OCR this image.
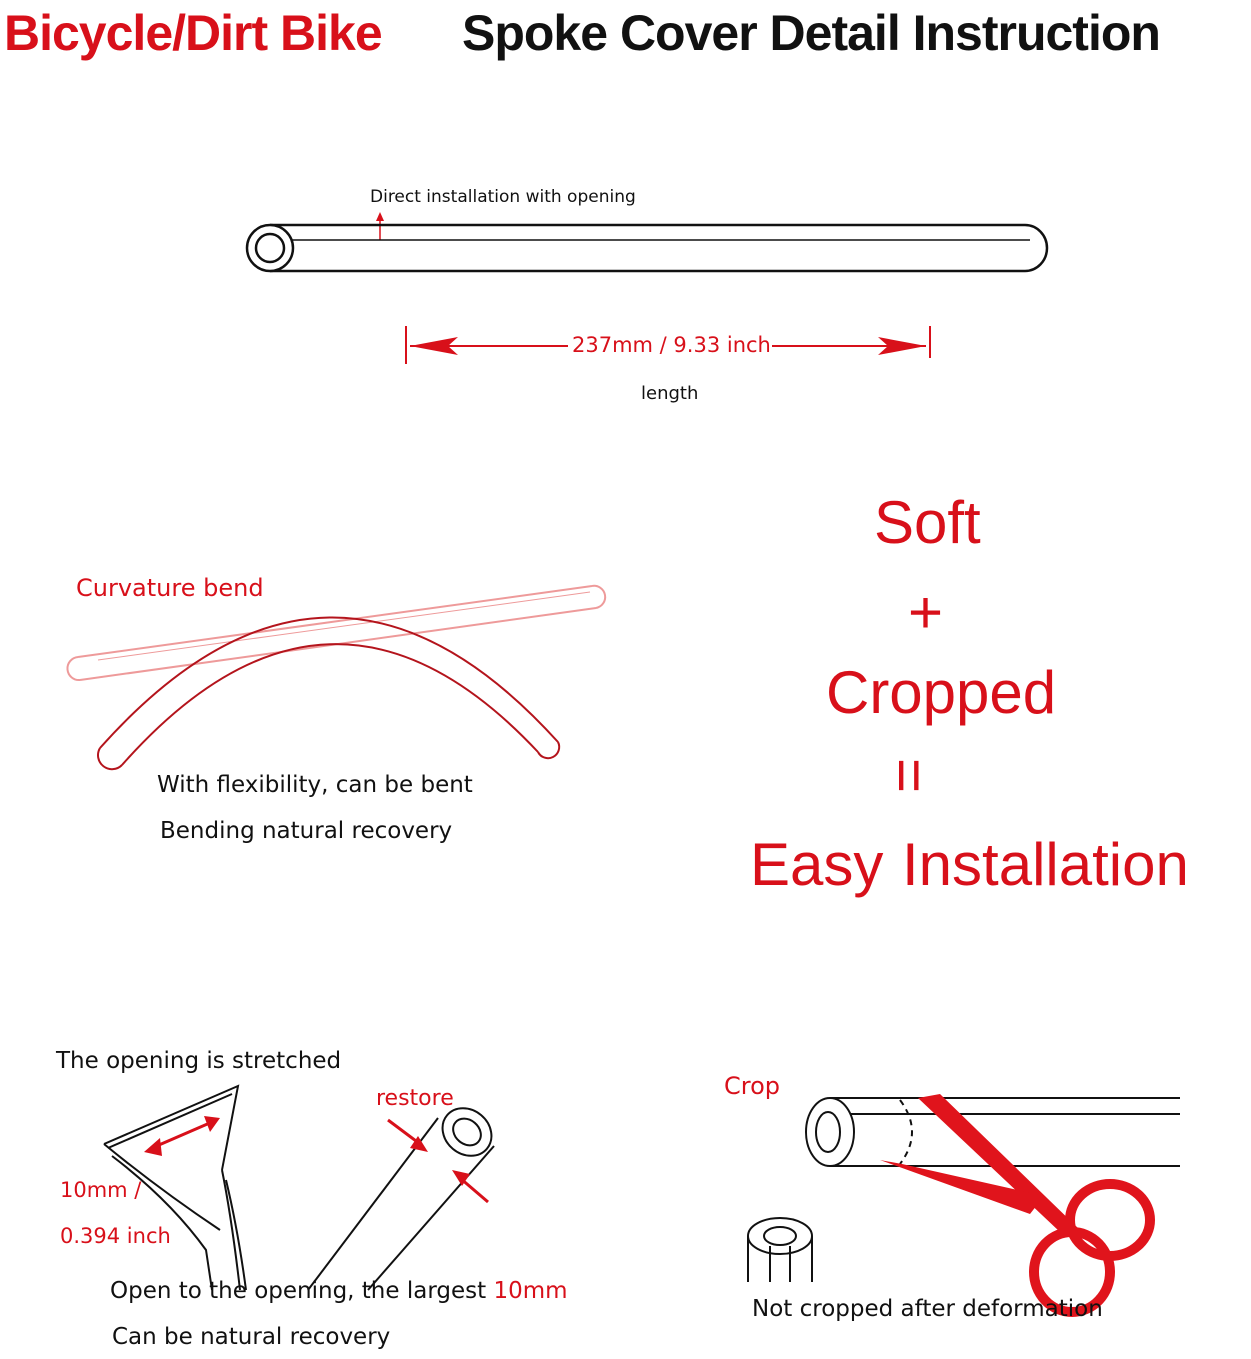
Bicycle/Dirt Bike Spoke Cover Detail Instruction
Direct installation with opening
237mm / 9.33 inch
length
Curvature bend
With flexibility, can be bent
Bending natural recovery
Soft
+
Cropped
=
Easy Installation
The opening is stretched
restore
10mm /
0.394 inch
Open to the opening, the largest 10mm
Can be natural recovery
Crop
Not cropped after deformation
